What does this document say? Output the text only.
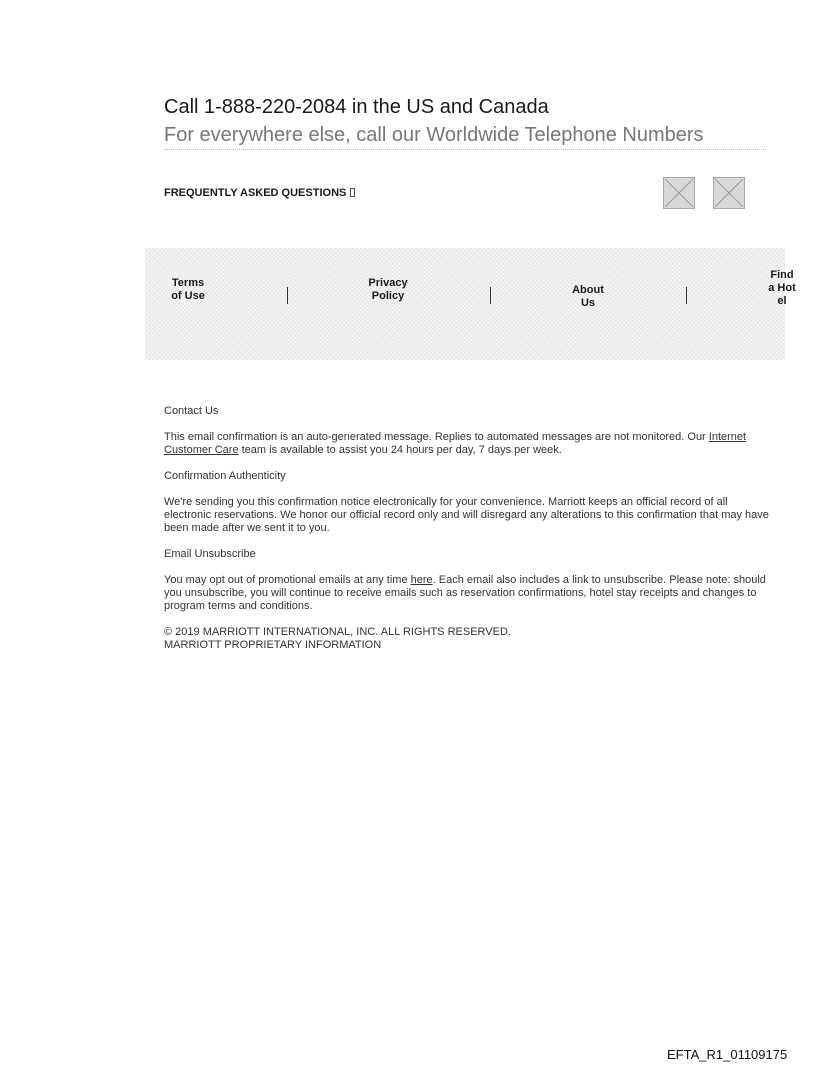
Call 1-888-220-2084 in the US and Canada
For everywhere else, call our Worldwide Telephone Numbers
FREQUENTLY ASKED QUESTIONS
Terms of Use
Privacy Policy	About Us
Find a Hotel

Contact Us

This email confirmation is an auto-generated message. Replies to automated messages are not monitored. Our Internet Customer Care team is available to assist you 24 hours per day, 7 days per week.

Confirmation Authenticity

We're sending you this confirmation notice electronically for your convenience. Marriott keeps an official record of all electronic reservations. We honor our official record only and will disregard any alterations to this confirmation that may have been made after we sent it to you.

Email Unsubscribe

You may opt out of promotional emails at any time here. Each email also includes a link to unsubscribe. Please note: should you unsubscribe, you will continue to receive emails such as reservation confirmations, hotel stay receipts and changes to program terms and conditions.

© 2019 MARRIOTT INTERNATIONAL, INC. ALL RIGHTS RESERVED.

MARRIOTT PROPRIETARY INFORMATION

EFTA_R1_01109175
